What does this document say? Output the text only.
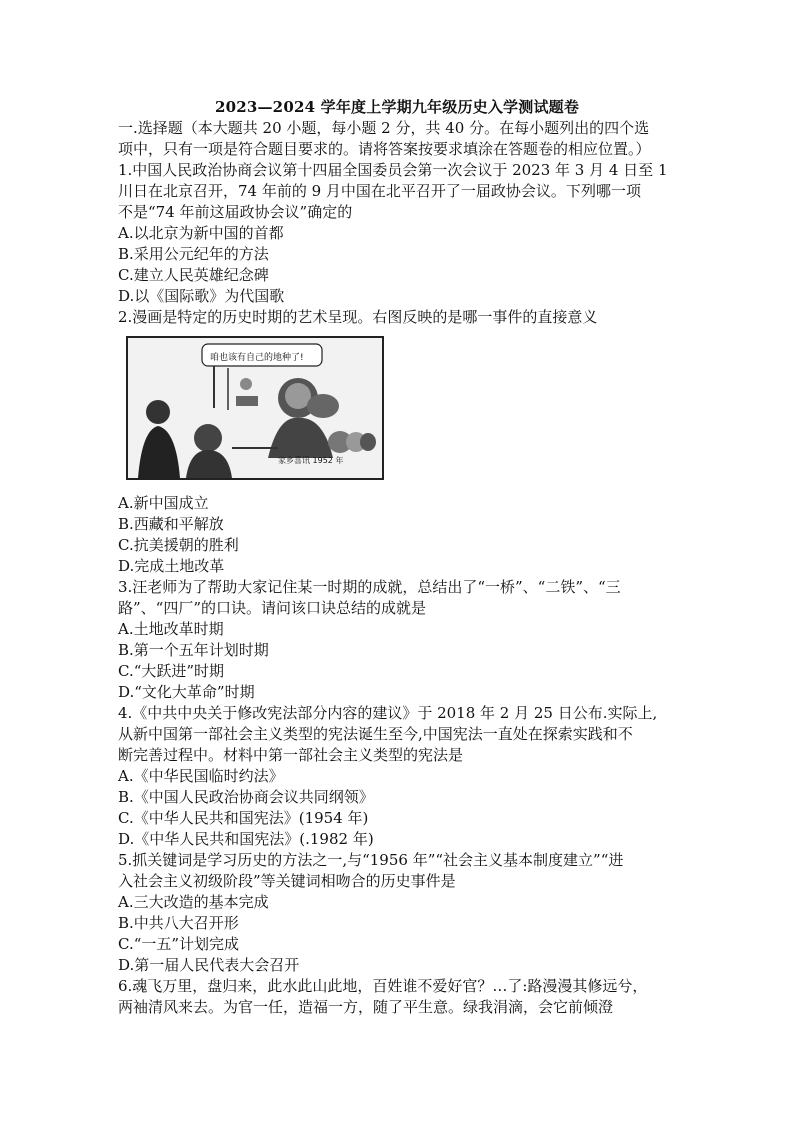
2023—2024 学年度上学期九年级历史入学测试题卷
一.选择题（本大题共 20 小题，每小题 2 分，共 40 分。在每小题列出的四个选
项中，只有一项是符合题目要求的。请将答案按要求填涂在答题卷的相应位置。）
1.中国人民政治协商会议第十四届全国委员会第一次会议于 2023 年 3 月 4 日至 1
川日在北京召开，74 年前的 9 月中国在北平召开了一届政协会议。下列哪一项
不是“74 年前这届政协会议”确定的
A.以北京为新中国的首都
B.采用公元纪年的方法
C.建立人民英雄纪念碑
D.以《国际歌》为代国歌
2.漫画是特定的历史时期的艺术呈现。右图反映的是哪一事件的直接意义
咱也该有自己的地种了!
家乡喜讯 1952 年
A.新中国成立
B.西藏和平解放
C.抗美援朝的胜利
D.完成土地改革
3.汪老师为了帮助大家记住某一时期的成就，总结出了“一桥”、“二铁”、“三
路”、“四厂”的口诀。请问该口诀总结的成就是
A.土地改革时期
B.第一个五年计划时期
C.“大跃进”时期
D.“文化大革命”时期
4.《中共中央关于修改宪法部分内容的建议》于 2018 年 2 月 25 日公布.实际上,
从新中国第一部社会主义类型的宪法诞生至今,中国宪法一直处在探索实践和不
断完善过程中。材料中第一部社会主义类型的宪法是
A.《中华民国临时约法》
B.《中国人民政治协商会议共同纲领》
C.《中华人民共和国宪法》(1954 年)
D.《中华人民共和国宪法》(.1982 年)
5.抓关键词是学习历史的方法之一,与“1956 年”“社会主义基本制度建立”“进
入社会主义初级阶段”等关键词相吻合的历史事件是
A.三大改造的基本完成
B.中共八大召开形
C.“一五”计划完成
D.第一届人民代表大会召开
6.魂飞万里，盘归来，此水此山此地，百姓谁不爱好官？…了:路漫漫其修远兮，
两袖清风来去。为官一任，造福一方，随了平生意。绿我涓滴，会它前倾澄
